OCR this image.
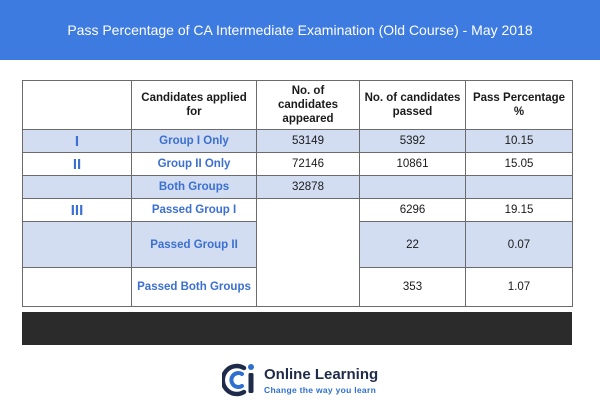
Pass Percentage of CA Intermediate Examination (Old Course) - May 2018
	Candidates applied for	No. of candidates appeared	No. of candidates passed	Pass Percentage %
I	Group I Only	53149	5392	10.15
II	Group II Only	72146	10861	15.05
	Both Groups	32878		
III	Passed Group I		6296	19.15
	Passed Group II		22	0.07
	Passed Both Groups		353	1.07
Online Learning
Change the way you learn
